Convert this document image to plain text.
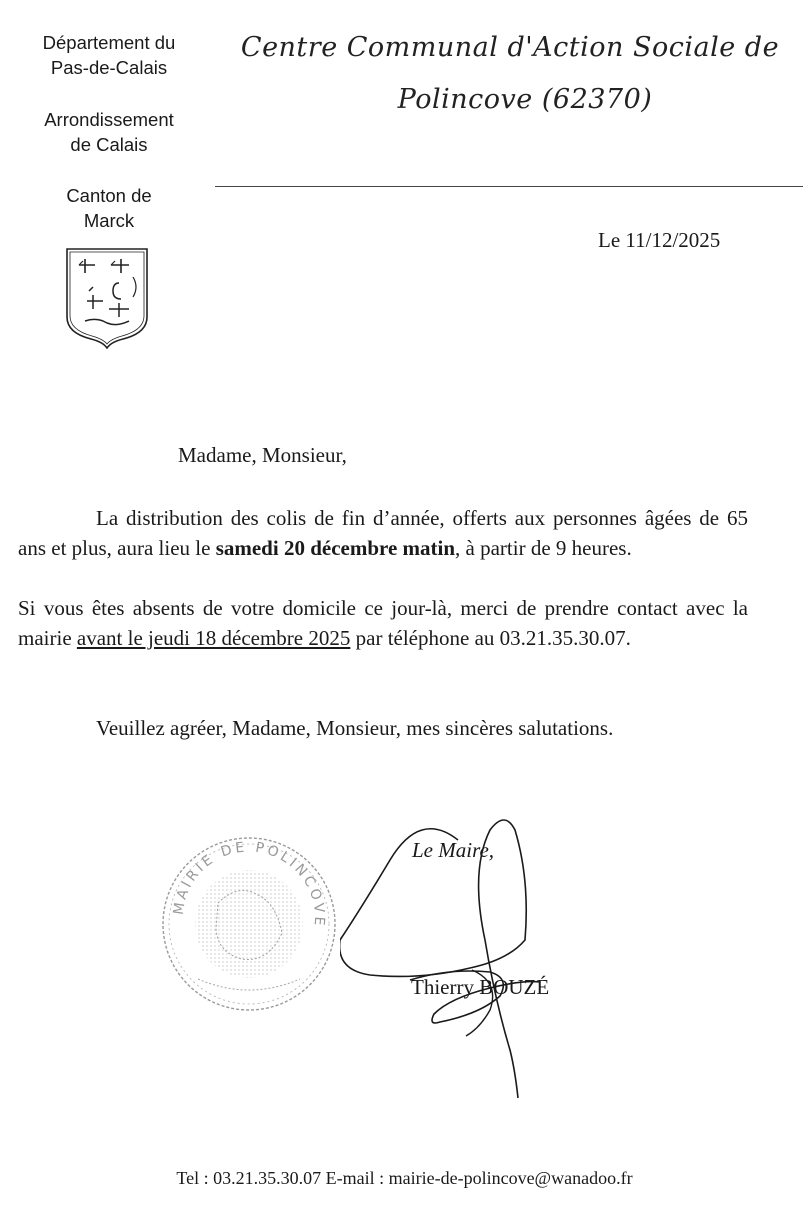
Département du
Pas-de-Calais
Arrondissement
de Calais
Canton de
Marck
Centre Communal d'Action Sociale de
Polincove (62370)
Le 11/12/2025
Madame, Monsieur,
La distribution des colis de fin d’année, offerts aux personnes âgées de 65 ans et plus, aura lieu le samedi 20 décembre matin, à partir de 9 heures.
Si vous êtes absents de votre domicile ce jour-là, merci de prendre contact avec la mairie avant le jeudi 18 décembre 2025 par téléphone au 03.21.35.30.07.
Veuillez agréer, Madame, Monsieur, mes sincères salutations.
MAIRIE DE POLINCOVE
Le Maire,
Thierry BOUZÉ
Tel : 03.21.35.30.07 E-mail : mairie-de-polincove@wanadoo.fr
